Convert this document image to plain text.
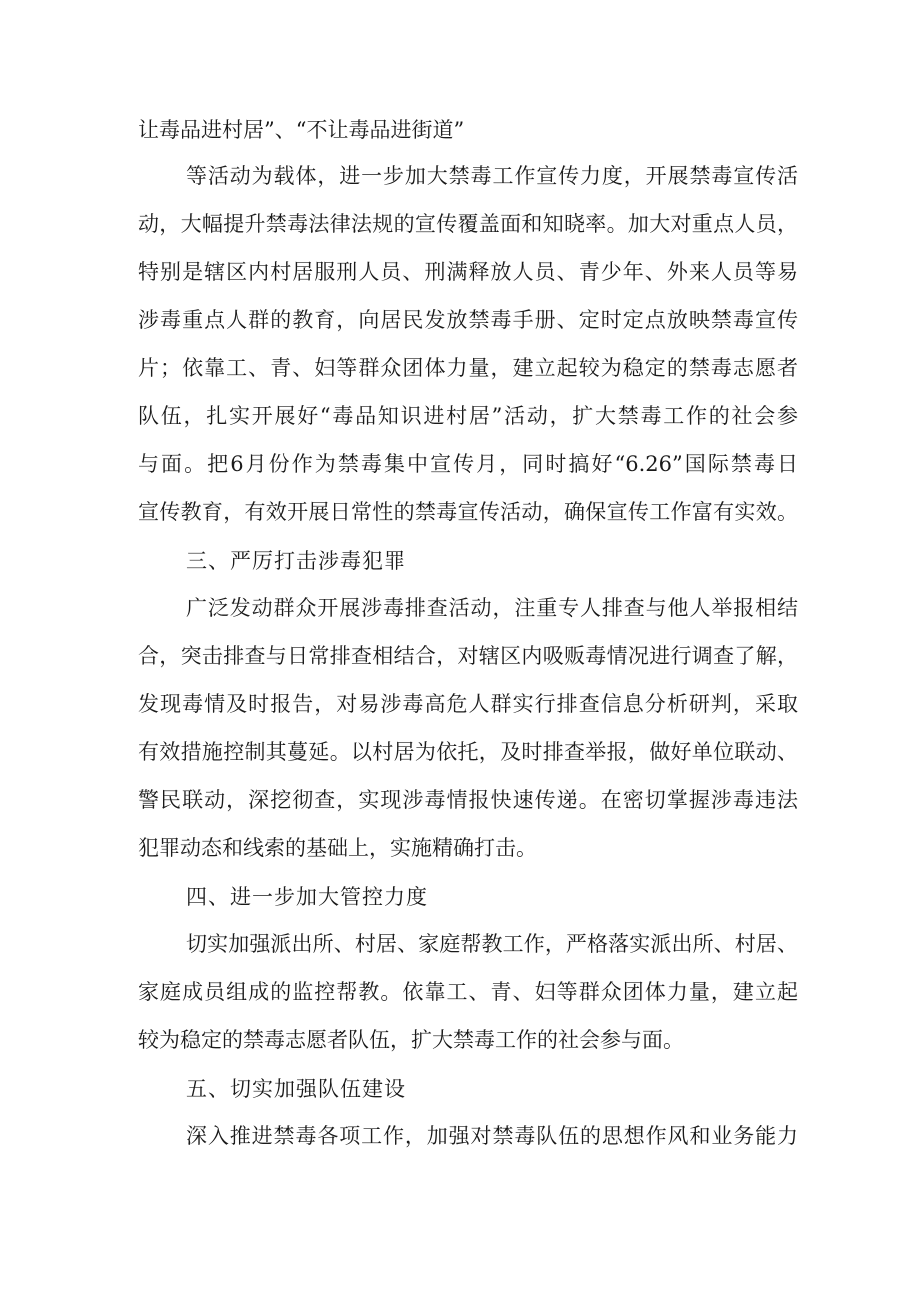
让毒品进村居”、“不让毒品进街道”
等活动为载体，进一步加大禁毒工作宣传力度，开展禁毒宣传活
动，大幅提升禁毒法律法规的宣传覆盖面和知晓率。加大对重点人员，
特别是辖区内村居服刑人员、刑满释放人员、青少年、外来人员等易
涉毒重点人群的教育，向居民发放禁毒手册、定时定点放映禁毒宣传
片；依靠工、青、妇等群众团体力量，建立起较为稳定的禁毒志愿者
队伍，扎实开展好“毒品知识进村居”活动，扩大禁毒工作的社会参
与面。把6月份作为禁毒集中宣传月，同时搞好“6.26”国际禁毒日
宣传教育，有效开展日常性的禁毒宣传活动，确保宣传工作富有实效。
三、严厉打击涉毒犯罪
广泛发动群众开展涉毒排查活动，注重专人排查与他人举报相结
合，突击排查与日常排查相结合，对辖区内吸贩毒情况进行调查了解，
发现毒情及时报告，对易涉毒高危人群实行排查信息分析研判，采取
有效措施控制其蔓延。以村居为依托，及时排查举报，做好单位联动、
警民联动，深挖彻查，实现涉毒情报快速传递。在密切掌握涉毒违法
犯罪动态和线索的基础上，实施精确打击。
四、进一步加大管控力度
切实加强派出所、村居、家庭帮教工作，严格落实派出所、村居、
家庭成员组成的监控帮教。依靠工、青、妇等群众团体力量，建立起
较为稳定的禁毒志愿者队伍，扩大禁毒工作的社会参与面。
五、切实加强队伍建设
深入推进禁毒各项工作，加强对禁毒队伍的思想作风和业务能力
